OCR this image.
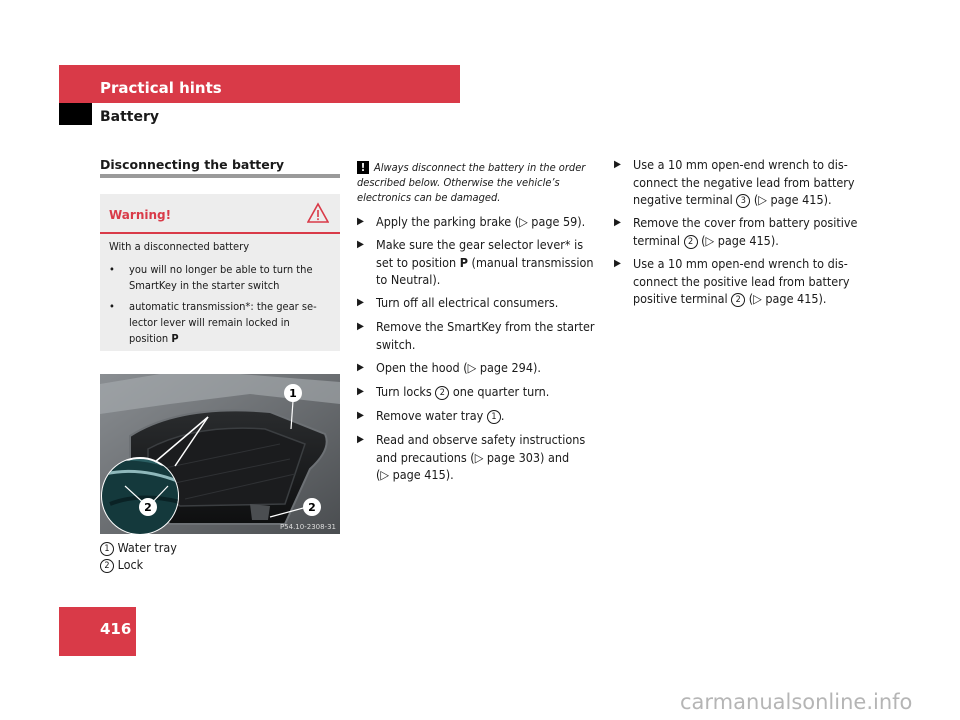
Practical hints
Battery
Disconnecting the battery
Warning!
With a disconnected battery
• you will no longer be able to turn the
SmartKey in the starter switch
• automatic transmission*: the gear se-
lector lever will remain locked in
position P
1
2	2
P54.10-2308-31
1 Water tray
2 Lock
! Always disconnect the battery in the order
described below. Otherwise the vehicle’s
electronics can be damaged.
▶ Apply the parking brake (▷ page 59).
▶ Make sure the gear selector lever* is
set to position P (manual transmission
to Neutral).
▶ Turn off all electrical consumers.
▶ Remove the SmartKey from the starter
switch.
▶ Open the hood (▷ page 294).
▶ Turn locks 2 one quarter turn.
▶ Remove water tray 1 .
▶ Read and observe safety instructions
and precautions (▷ page 303) and
(▷ page 415).
▶ Use a 10 mm open-end wrench to dis-
connect the negative lead from battery
negative terminal 3 (▷ page 415).
▶ Remove the cover from battery positive
terminal 2 (▷ page 415).
▶ Use a 10 mm open-end wrench to dis-
connect the positive lead from battery
positive terminal 2 (▷ page 415).
416
carmanualsonline.info
